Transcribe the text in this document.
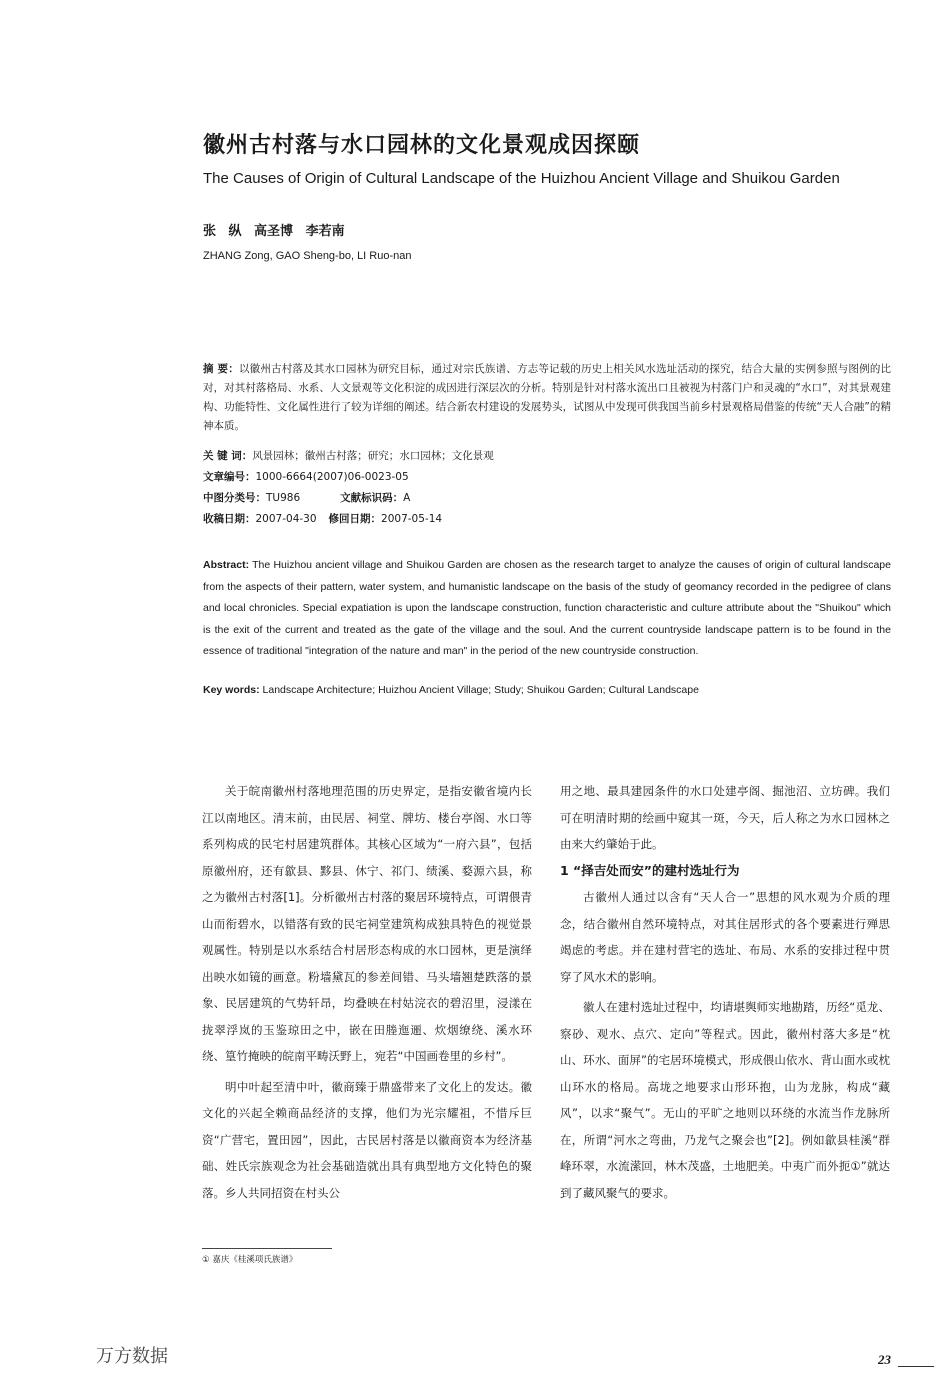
徽州古村落与水口园林的文化景观成因探颐
The Causes of Origin of Cultural Landscape of the Huizhou Ancient Village and Shuikou Garden
张 纵 高圣博 李若南
ZHANG Zong, GAO Sheng-bo, LI Ruo-nan
摘 要：以徽州古村落及其水口园林为研究目标，通过对宗氏族谱、方志等记载的历史上相关风水选址活动的探究，结合大量的实例参照与图例的比对，对其村落格局、水系、人文景观等文化积淀的成因进行深层次的分析。特别是针对村落水流出口且被视为村落门户和灵魂的“水口”，对其景观建构、功能特性、文化属性进行了较为详细的阐述。结合新农村建设的发展势头，试图从中发现可供我国当前乡村景观格局借鉴的传统“天人合融”的精神本质。
关 键 词：风景园林；徽州古村落；研究；水口园林；文化景观
文章编号：1000-6664(2007)06-0023-05
中图分类号：TU986	文献标识码：A
收稿日期：2007-04-30 修回日期：2007-05-14
Abstract: The Huizhou ancient village and Shuikou Garden are chosen as the research target to analyze the causes of origin of cultural landscape from the aspects of their pattern, water system, and humanistic landscape on the basis of the study of geomancy recorded in the pedigree of clans and local chronicles. Special expatiation is upon the landscape construction, function characteristic and culture attribute about the "Shuikou" which is the exit of the current and treated as the gate of the village and the soul. And the current countryside landscape pattern is to be found in the essence of traditional "integration of the nature and man" in the period of the new countryside construction.
Key words: Landscape Architecture; Huizhou Ancient Village; Study; Shuikou Garden; Cultural Landscape

关于皖南徽州村落地理范围的历史界定，是指安徽省境内长江以南地区。清末前，由民居、祠堂、牌坊、楼台亭阁、水口等系列构成的民宅村居建筑群体。其核心区域为“一府六县”，包括原徽州府，还有歙县、黟县、休宁、祁门、绩溪、婺源六县，称之为徽州古村落[1]。分析徽州古村落的聚居环境特点，可谓偎青山而衔碧水，以错落有致的民宅祠堂建筑构成独具特色的视觉景观属性。特别是以水系结合村居形态构成的水口园林，更是演绎出映水如镜的画意。粉墙黛瓦的参差间错、马头墙翘楚跌落的景象、民居建筑的气势轩昂，均叠映在村姑浣衣的碧沼里，浸漾在拢翠浮岚的玉鉴琼田之中，嵌在田塍迤逦、炊烟缭绕、溪水环绕、篁竹掩映的皖南平畴沃野上，宛若“中国画卷里的乡村”。

明中叶起至清中叶，徽商臻于鼎盛带来了文化上的发达。徽文化的兴起全赖商品经济的支撑，他们为光宗耀祖，不惜斥巨资“广营宅，置田园”，因此，古民居村落是以徽商资本为经济基础、姓氏宗族观念为社会基础造就出具有典型地方文化特色的聚落。乡人共同招资在村头公

用之地、最具建园条件的水口处建亭阁、掘池沼、立坊碑。我们可在明清时期的绘画中窥其一斑，今天，后人称之为水口园林之由来大约肇始于此。

1 “择吉处而安”的建村选址行为

古徽州人通过以含有“天人合一”思想的风水观为介质的理念，结合徽州自然环境特点，对其住居形式的各个要素进行殚思竭虑的考虑。并在建村营宅的选址、布局、水系的安排过程中贯穿了风水术的影响。

徽人在建村选址过程中，均请堪舆师实地勘踏，历经“觅龙、察砂、观水、点穴、定向”等程式。因此，徽州村落大多是“枕山、环水、面屏”的宅居环境模式，形成偎山依水、背山面水或枕山环水的格局。高垅之地要求山形环抱，山为龙脉，构成“藏风”，以求“聚气”。无山的平旷之地则以环绕的水流当作龙脉所在，所谓“河水之弯曲，乃龙气之聚会也”[2]。例如歙县桂溪“群峰环翠，水流潆回，林木茂盛，土地肥美。中夷广而外扼①”就达到了藏风聚气的要求。

① 嘉庆《桂溪项氏族谱》
万方数据	23
